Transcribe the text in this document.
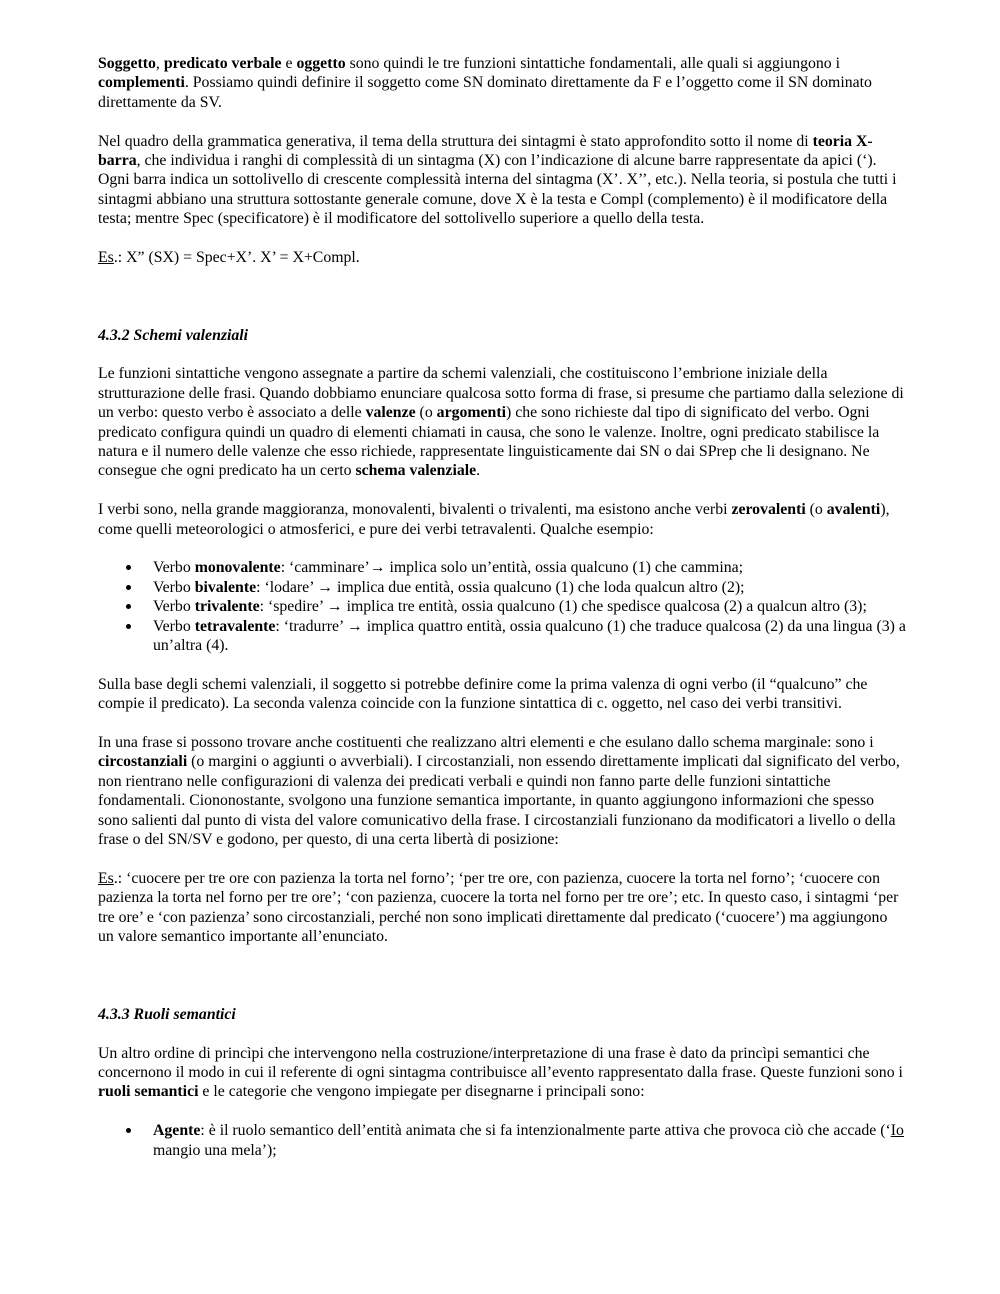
Soggetto, predicato verbale e oggetto sono quindi le tre funzioni sintattiche fondamentali, alle quali si aggiungono i complementi. Possiamo quindi definire il soggetto come SN dominato direttamente da F e l’oggetto come il SN dominato direttamente da SV.

Nel quadro della grammatica generativa, il tema della struttura dei sintagmi è stato approfondito sotto il nome di teoria X-barra, che individua i ranghi di complessità di un sintagma (X) con l’indicazione di alcune barre rappresentate da apici (‘). Ogni barra indica un sottolivello di crescente complessità interna del sintagma (X’. X’’, etc.). Nella teoria, si postula che tutti i sintagmi abbiano una struttura sottostante generale comune, dove X è la testa e Compl (complemento) è il modificatore della testa; mentre Spec (specificatore) è il modificatore del sottolivello superiore a quello della testa.

Es.: X” (SX) = Spec+X’. X’ = X+Compl.

4.3.2 Schemi valenziali

Le funzioni sintattiche vengono assegnate a partire da schemi valenziali, che costituiscono l’embrione iniziale della strutturazione delle frasi. Quando dobbiamo enunciare qualcosa sotto forma di frase, si presume che partiamo dalla selezione di un verbo: questo verbo è associato a delle valenze (o argomenti) che sono richieste dal tipo di significato del verbo. Ogni predicato configura quindi un quadro di elementi chiamati in causa, che sono le valenze. Inoltre, ogni predicato stabilisce la natura e il numero delle valenze che esso richiede, rappresentate linguisticamente dai SN o dai SPrep che li designano. Ne consegue che ogni predicato ha un certo schema valenziale.

I verbi sono, nella grande maggioranza, monovalenti, bivalenti o trivalenti, ma esistono anche verbi zerovalenti (o avalenti), come quelli meteorologici o atmosferici, e pure dei verbi tetravalenti. Qualche esempio:

Verbo monovalente: ‘camminare’→ implica solo un’entità, ossia qualcuno (1) che cammina;
Verbo bivalente: ‘lodare’ → implica due entità, ossia qualcuno (1) che loda qualcun altro (2);
Verbo trivalente: ‘spedire’ → implica tre entità, ossia qualcuno (1) che spedisce qualcosa (2) a qualcun altro (3);
Verbo tetravalente: ‘tradurre’ → implica quattro entità, ossia qualcuno (1) che traduce qualcosa (2) da una lingua (3) a un’altra (4).

Sulla base degli schemi valenziali, il soggetto si potrebbe definire come la prima valenza di ogni verbo (il “qualcuno” che compie il predicato). La seconda valenza coincide con la funzione sintattica di c. oggetto, nel caso dei verbi transitivi.

In una frase si possono trovare anche costituenti che realizzano altri elementi e che esulano dallo schema marginale: sono i circostanziali (o margini o aggiunti o avverbiali). I circostanziali, non essendo direttamente implicati dal significato del verbo, non rientrano nelle configurazioni di valenza dei predicati verbali e quindi non fanno parte delle funzioni sintattiche fondamentali. Ciononostante, svolgono una funzione semantica importante, in quanto aggiungono informazioni che spesso sono salienti dal punto di vista del valore comunicativo della frase. I circostanziali funzionano da modificatori a livello o della frase o del SN/SV e godono, per questo, di una certa libertà di posizione:

Es.: ‘cuocere per tre ore con pazienza la torta nel forno’; ‘per tre ore, con pazienza, cuocere la torta nel forno’; ‘cuocere con pazienza la torta nel forno per tre ore’; ‘con pazienza, cuocere la torta nel forno per tre ore’; etc. In questo caso, i sintagmi ‘per tre ore’ e ‘con pazienza’ sono circostanziali, perché non sono implicati direttamente dal predicato (‘cuocere’) ma aggiungono un valore semantico importante all’enunciato.

4.3.3 Ruoli semantici

Un altro ordine di princìpi che intervengono nella costruzione/interpretazione di una frase è dato da princìpi semantici che concernono il modo in cui il referente di ogni sintagma contribuisce all’evento rappresentato dalla frase. Queste funzioni sono i ruoli semantici e le categorie che vengono impiegate per disegnarne i principali sono:

Agente: è il ruolo semantico dell’entità animata che si fa intenzionalmente parte attiva che provoca ciò che accade (‘Io mangio una mela’);
